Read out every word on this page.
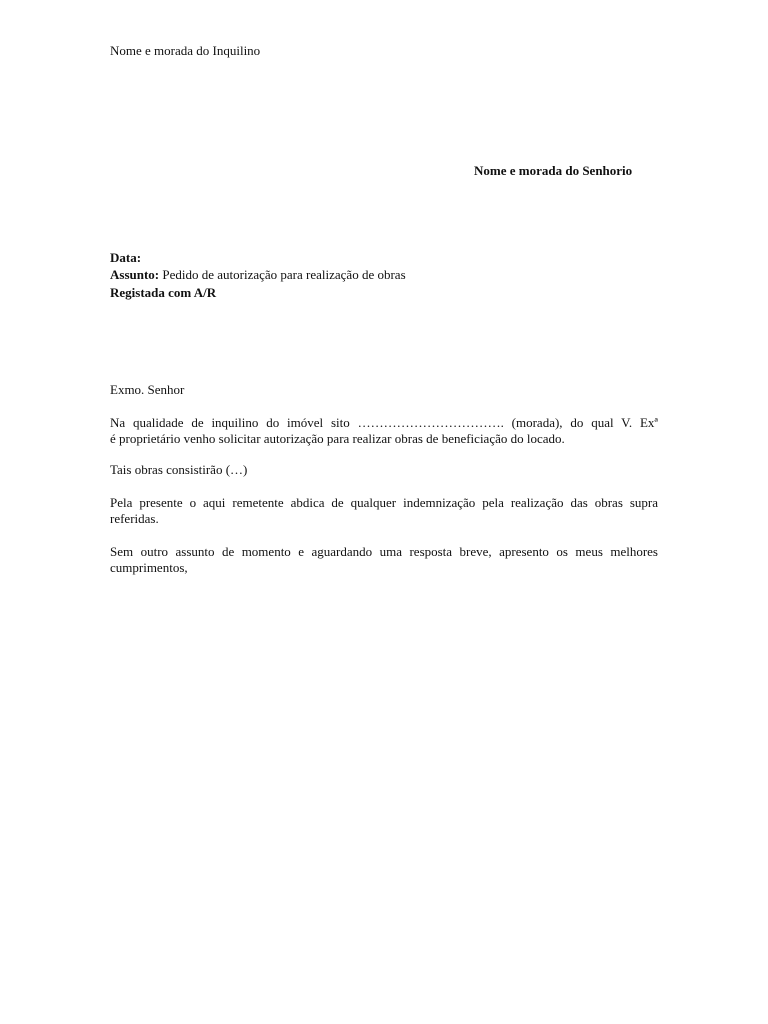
Nome e morada do Inquilino
Nome e morada do Senhorio
Data:
Assunto: Pedido de autorização para realização de obras
Registada com A/R
Exmo. Senhor
Na qualidade de inquilino do imóvel sito ……………………………. (morada), do qual V. Exª
é proprietário venho solicitar autorização para realizar obras de beneficiação do locado.
Tais obras consistirão (…)
Pela presente o aqui remetente abdica de qualquer indemnização pela realização das obras supra
referidas.
Sem outro assunto de momento e aguardando uma resposta breve, apresento os meus melhores
cumprimentos,
